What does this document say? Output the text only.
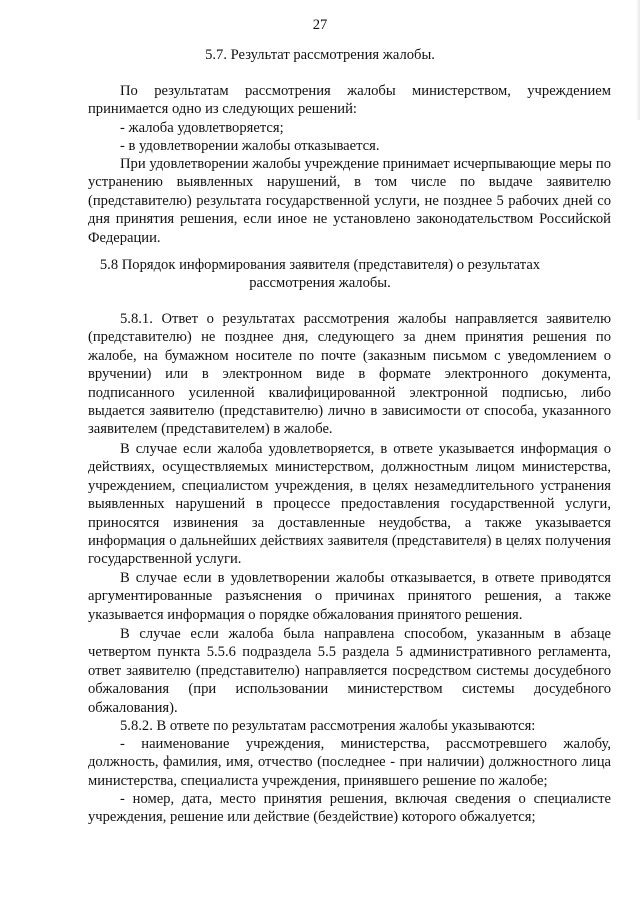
27
5.7. Результат рассмотрения жалобы.
По результатам рассмотрения жалобы министерством, учреждением принимается одно из следующих решений:
- жалоба удовлетворяется;
- в удовлетворении жалобы отказывается.
При удовлетворении жалобы учреждение принимает исчерпывающие меры по устранению выявленных нарушений, в том числе по выдаче заявителю (представителю) результата государственной услуги, не позднее 5 рабочих дней со дня принятия решения, если иное не установлено законодательством Российской Федерации.
5.8 Порядок информирования заявителя (представителя) о результатах
рассмотрения жалобы.
5.8.1. Ответ о результатах рассмотрения жалобы направляется заявителю (представителю) не позднее дня, следующего за днем принятия решения по жалобе, на бумажном носителе по почте (заказным письмом с уведомлением о вручении) или в электронном виде в формате электронного документа, подписанного усиленной квалифицированной электронной подписью, либо выдается заявителю (представителю) лично в зависимости от способа, указанного заявителем (представителем) в жалобе.
В случае если жалоба удовлетворяется, в ответе указывается информация о действиях, осуществляемых министерством, должностным лицом министерства, учреждением, специалистом учреждения, в целях незамедлительного устранения выявленных нарушений в процессе предоставления государственной услуги, приносятся извинения за доставленные неудобства, а также указывается информация о дальнейших действиях заявителя (представителя) в целях получения государственной услуги.
В случае если в удовлетворении жалобы отказывается, в ответе приводятся аргументированные разъяснения о причинах принятого решения, а также указывается информация о порядке обжалования принятого решения.
В случае если жалоба была направлена способом, указанным в абзаце четвертом пункта 5.5.6 подраздела 5.5 раздела 5 административного регламента, ответ заявителю (представителю) направляется посредством системы досудебного обжалования (при использовании министерством системы досудебного обжалования).
5.8.2. В ответе по результатам рассмотрения жалобы указываются:
- наименование учреждения, министерства, рассмотревшего жалобу, должность, фамилия, имя, отчество (последнее - при наличии) должностного лица министерства, специалиста учреждения, принявшего решение по жалобе;
- номер, дата, место принятия решения, включая сведения о специалисте учреждения, решение или действие (бездействие) которого обжалуется;
